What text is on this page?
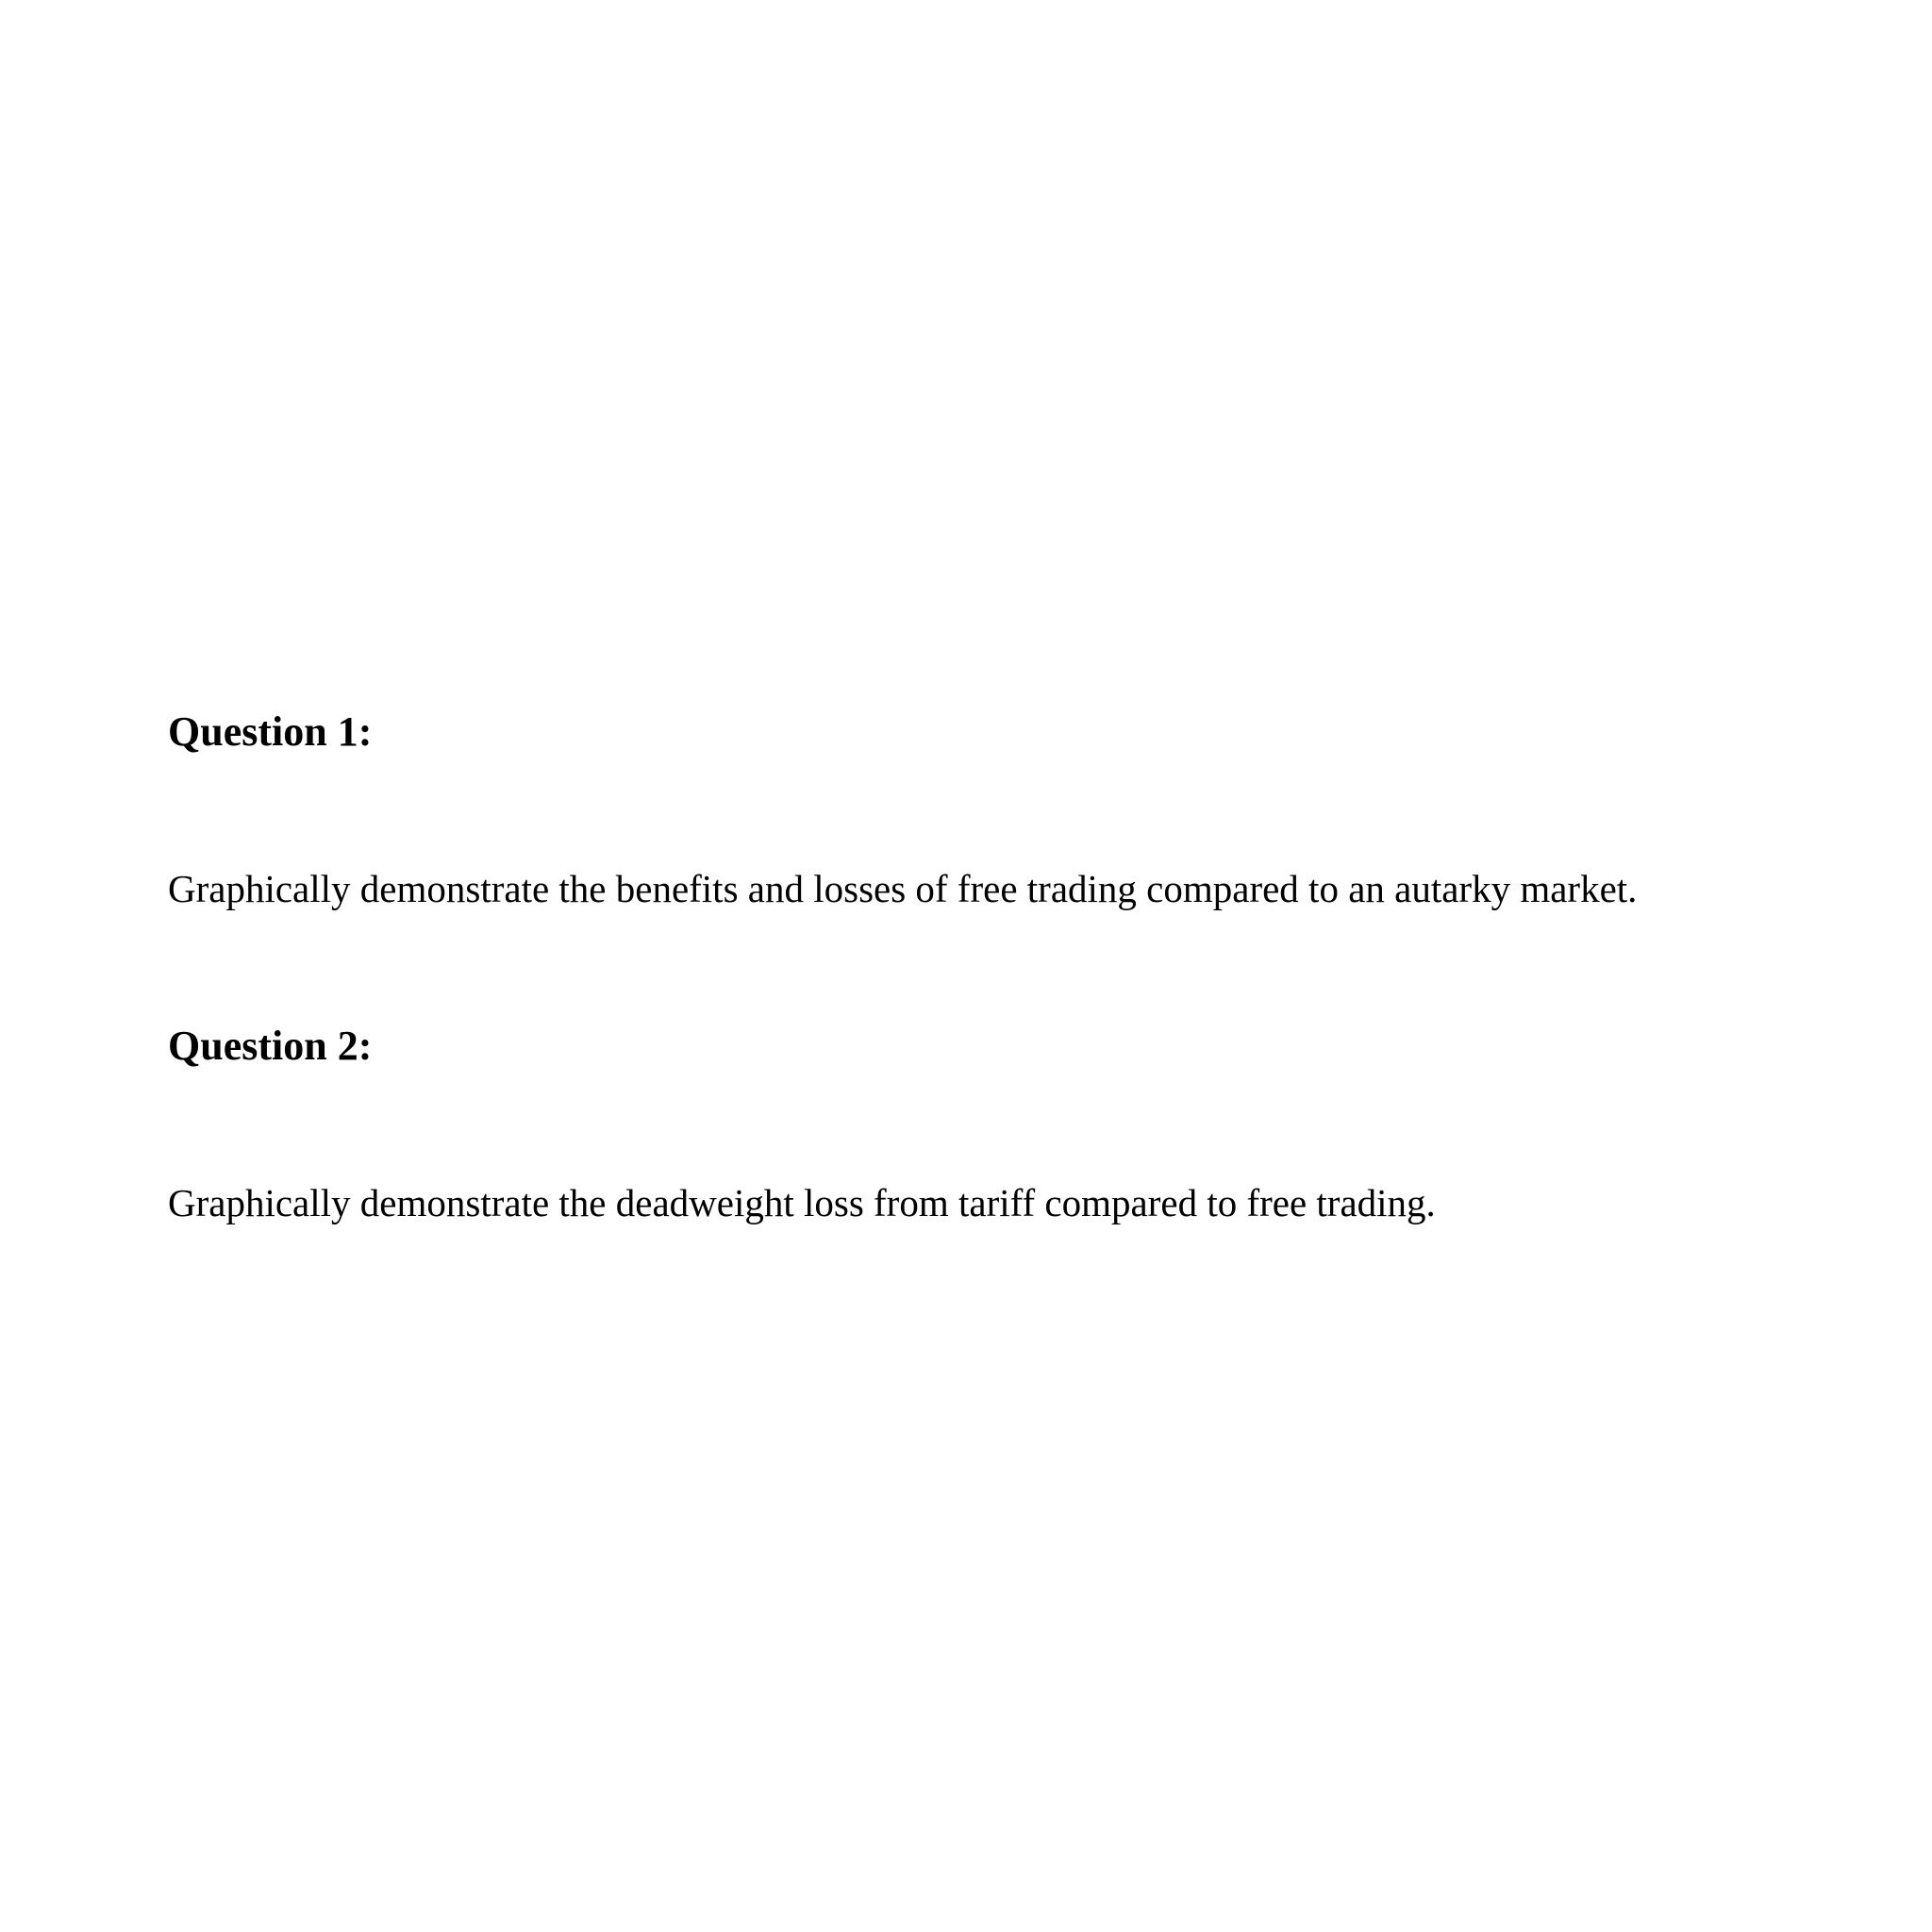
Question 1:

Graphically demonstrate the benefits and losses of free trading compared to an autarky market.

Question 2:

Graphically demonstrate the deadweight loss from tariff compared to free trading.
